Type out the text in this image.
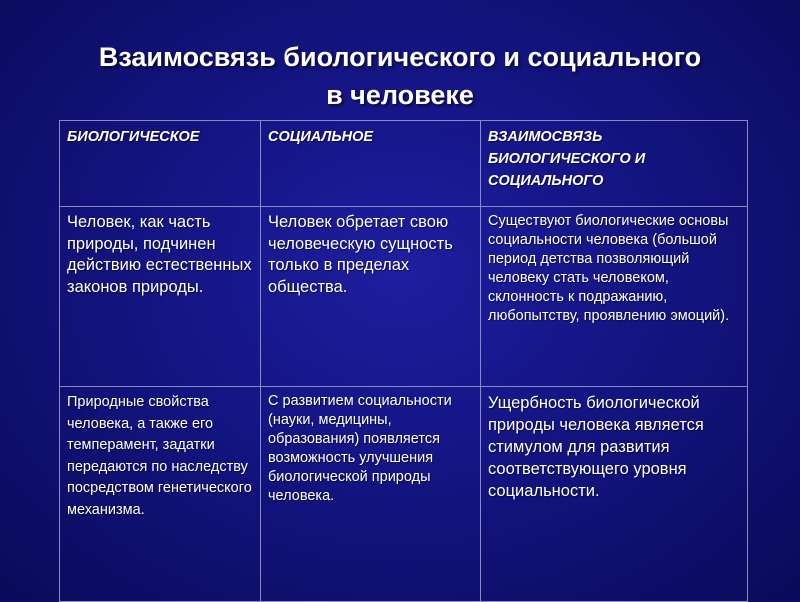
Взаимосвязь биологического и социального
в человеке
БИОЛОГИЧЕСКОЕ	СОЦИАЛЬНОЕ	ВЗАИМОСВЯЗЬ БИОЛОГИЧЕСКОГО И СОЦИАЛЬНОГО
Человек, как часть природы, подчинен действию естественных законов природы.	Человек обретает свою человеческую сущность только в пределах общества.	Существуют биологические основы социальности человека (большой период детства позволяющий человеку стать человеком, склонность к подражанию, любопытству, проявлению эмоций).
Природные свойства человека, а также его темперамент, задатки передаются по наследству посредством генетического механизма.	С развитием социальности (науки, медицины, образования) появляется возможность улучшения биологической природы человека.	Ущербность биологической природы человека является стимулом для развития соответствующего уровня социальности.
